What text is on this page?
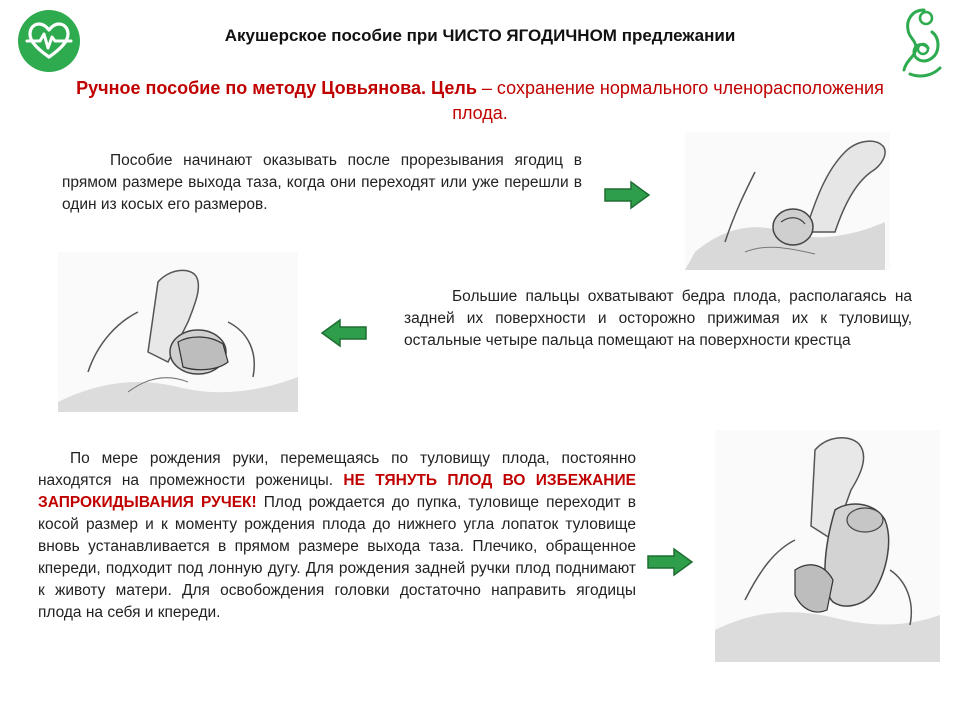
Акушерское пособие при ЧИСТО ЯГОДИЧНОМ предлежании
Ручное пособие по методу Цовьянова. Цель – сохранение нормального членорасположения плода.
Пособие начинают оказывать после прорезывания ягодиц в прямом размере выхода таза, когда они переходят или уже перешли в один из косых его размеров.
Большие пальцы охватывают бедра плода, располагаясь на задней их поверхности и осторожно прижимая их к туловищу, остальные четыре пальца помещают на поверхности крестца
По мере рождения руки, перемещаясь по туловищу плода, постоянно находятся на промежности роженицы. НЕ ТЯНУТЬ ПЛОД ВО ИЗБЕЖАНИЕ ЗАПРОКИДЫВАНИЯ РУЧЕК! Плод рождается до пупка, туловище переходит в косой размер и к моменту рождения плода до нижнего угла лопаток туловище вновь устанавливается в прямом размере выхода таза. Плечико, обращенное кпереди, подходит под лонную дугу. Для рождения задней ручки плод поднимают к животу матери. Для освобождения головки достаточно направить ягодицы плода на себя и кпереди.
